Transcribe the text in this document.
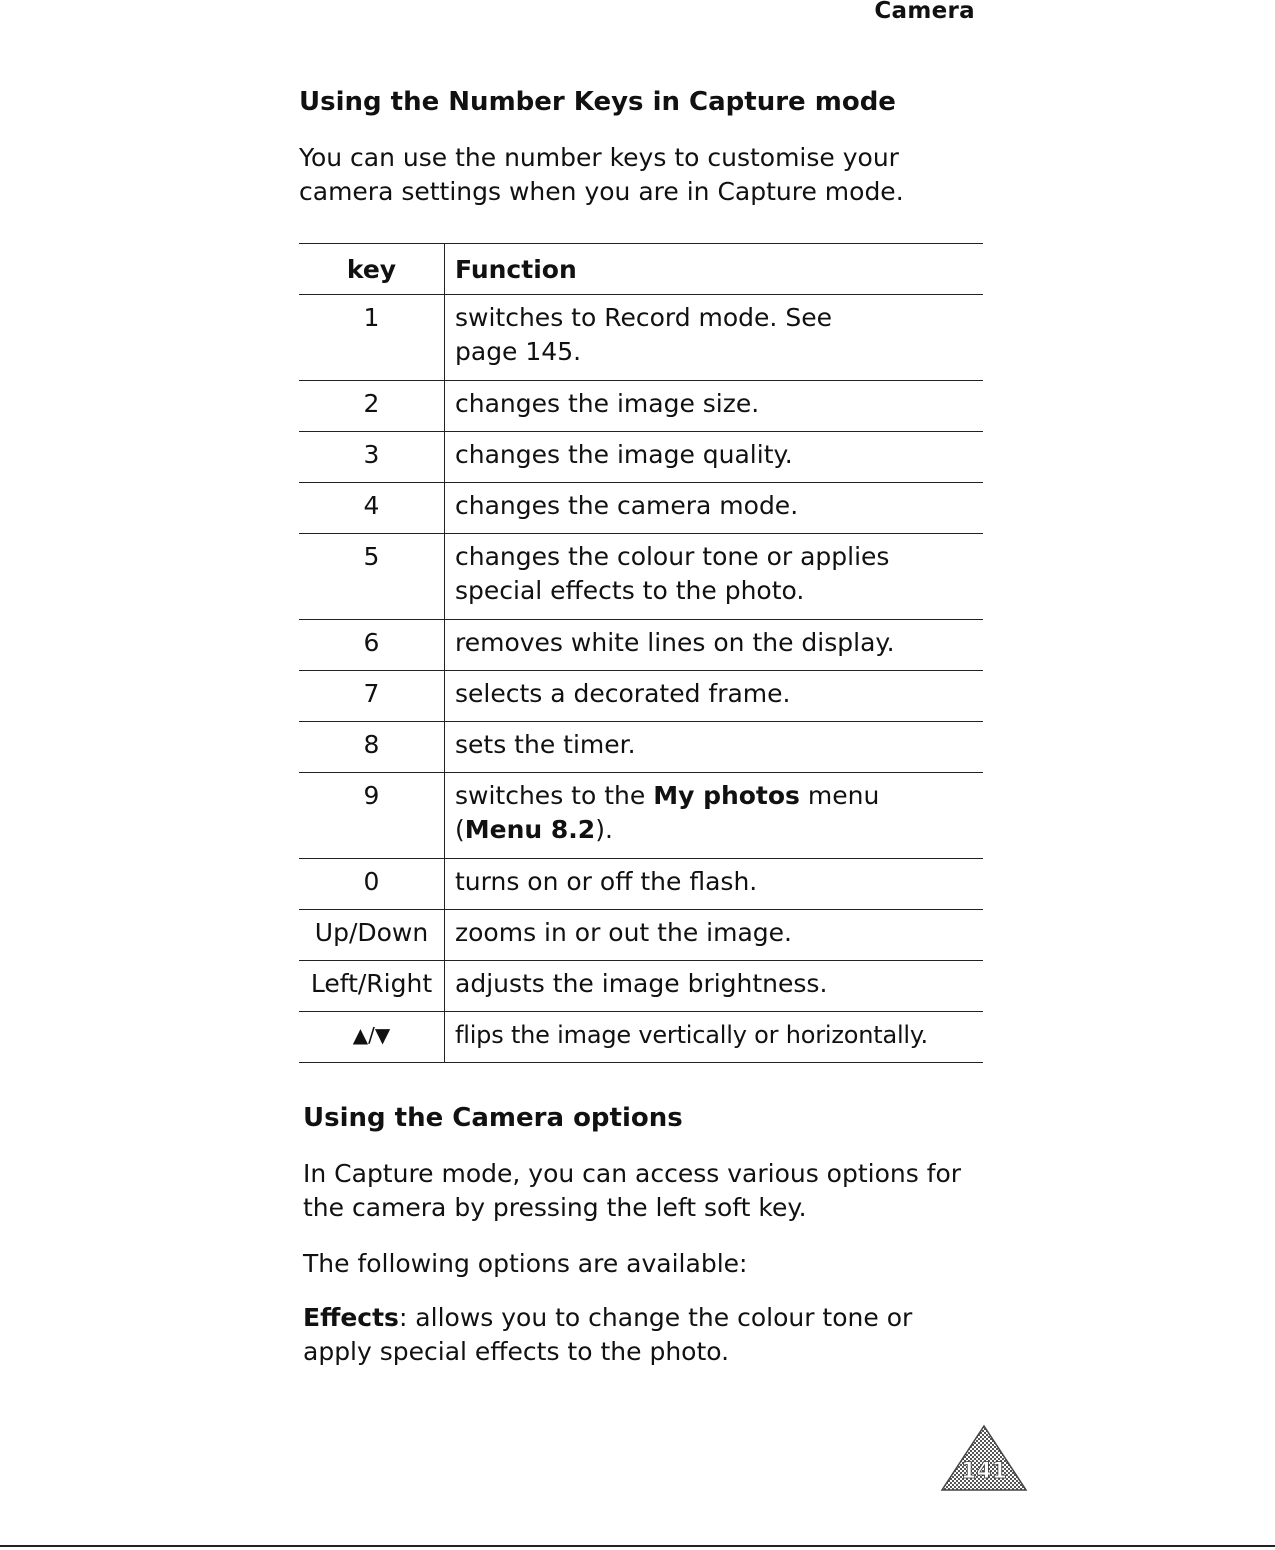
Camera
Using the Number Keys in Capture mode

You can use the number keys to customise your camera settings when you are in Capture mode.

key	Function
1	switches to Record mode. See page 145.
2	changes the image size.
3	changes the image quality.
4	changes the camera mode.
5	changes the colour tone or applies special effects to the photo.
6	removes white lines on the display.
7	selects a decorated frame.
8	sets the timer.
9	switches to the My photos menu (Menu 8.2).
0	turns on or off the flash.
Up/Down	zooms in or out the image.
Left/Right	adjusts the image brightness.
▲/▼	flips the image vertically or horizontally.
Using the Camera options

In Capture mode, you can access various options for the camera by pressing the left soft key.

The following options are available:

Effects: allows you to change the colour tone or apply special effects to the photo.

141
